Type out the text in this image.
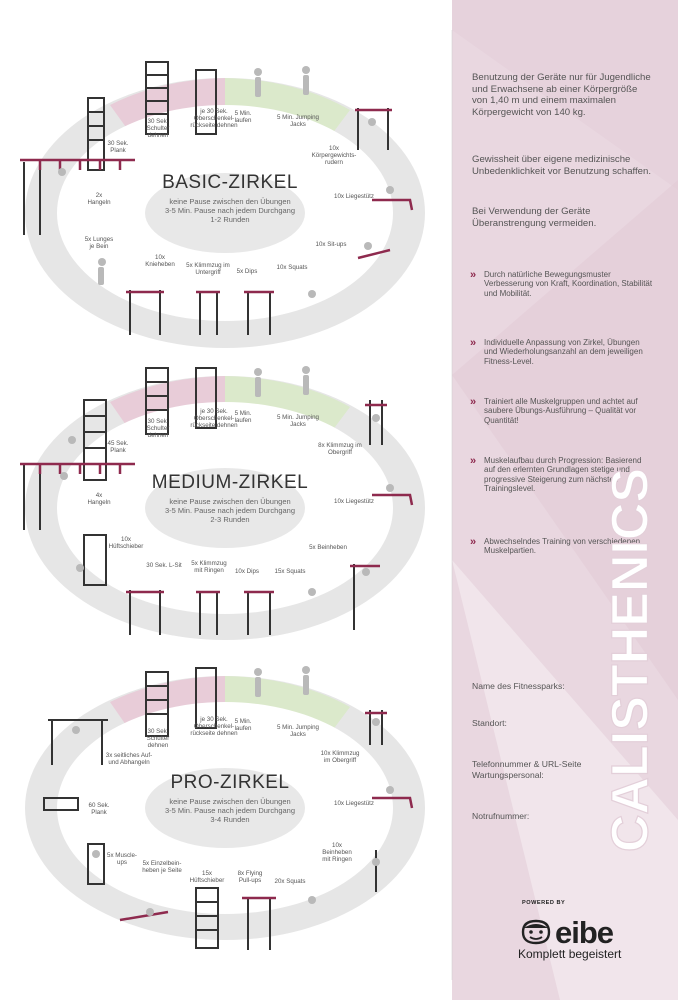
BASIC-ZIRKEL
keine Pause zwischen den Übungen
3-5 Min. Pause nach jedem Durchgang
1-2 Runden
5 Min. laufen	5 Min. Jumping Jacks
10x Körpergewichts-rudern
10x Liegestütz
10x Sit-ups
10x Squats
5x Dips
5x Klimmzug im Untergriff
10x Knieheben
5x Lunges je Bein
2x Hangeln
30 Sek. Plank
30 Sek. Schulter dehnen
je 30 Sek. Oberschenkel-rückseite dehnen
MEDIUM-ZIRKEL
keine Pause zwischen den Übungen
3-5 Min. Pause nach jedem Durchgang
2-3 Runden
5 Min. laufen	5 Min. Jumping Jacks
8x Klimmzug im Obergriff
10x Liegestütz
5x Beinheben
15x Squats
10x Dips
5x Klimmzug mit Ringen
30 Sek. L-Sit
10x Hüftschieber
4x Hangeln
45 Sek. Plank
30 Sek. Schulter dehnen
je 30 Sek. Oberschenkel-rückseite dehnen
PRO-ZIRKEL
keine Pause zwischen den Übungen
3-5 Min. Pause nach jedem Durchgang
3-4 Runden
5 Min. laufen	5 Min. Jumping Jacks
10x Klimmzug im Obergriff
10x Liegestütz
10x Beinheben mit Ringen
20x Squats
8x Flying Pull-ups
15x Hüftschieber
5x Einzelbein-heben je Seite
5x Muscle-ups
60 Sek. Plank
3x seitliches Auf- und Abhangeln
30 Sek. Schulter dehnen
je 30 Sek. Oberschenkel-rückseite dehnen
Benutzung der Geräte nur für Jugendliche und Erwachsene ab einer Körpergröße von 1,40 m und einem maximalen Körpergewicht von 140 kg.
Gewissheit über eigene medizinische Unbedenklichkeit vor Benutzung schaffen.
Bei Verwendung der Geräte Überanstrengung vermeiden.
» Durch natürliche Bewegungsmuster Verbesserung von Kraft, Koordination, Stabilität und Mobilität.
» Individuelle Anpassung von Zirkel, Übungen und Wiederholungsanzahl an dem jeweiligen Fitness-Level.
» Trainiert alle Muskelgruppen und achtet auf saubere Übungs-Ausführung – Qualität vor Quantität!
» Muskelaufbau durch Progression: Basierend auf den erlernten Grundlagen stetige und progressive Steigerung zum nächsten Trainingslevel.
» Abwechselndes Training von verschiedenen Muskelpartien.
Name des Fitnessparks:
Standort:
Telefonnummer & URL-Seite Wartungspersonal:
Notrufnummer:	CALISTHENICS
POWERED BY
eibe
Komplett begeistert
